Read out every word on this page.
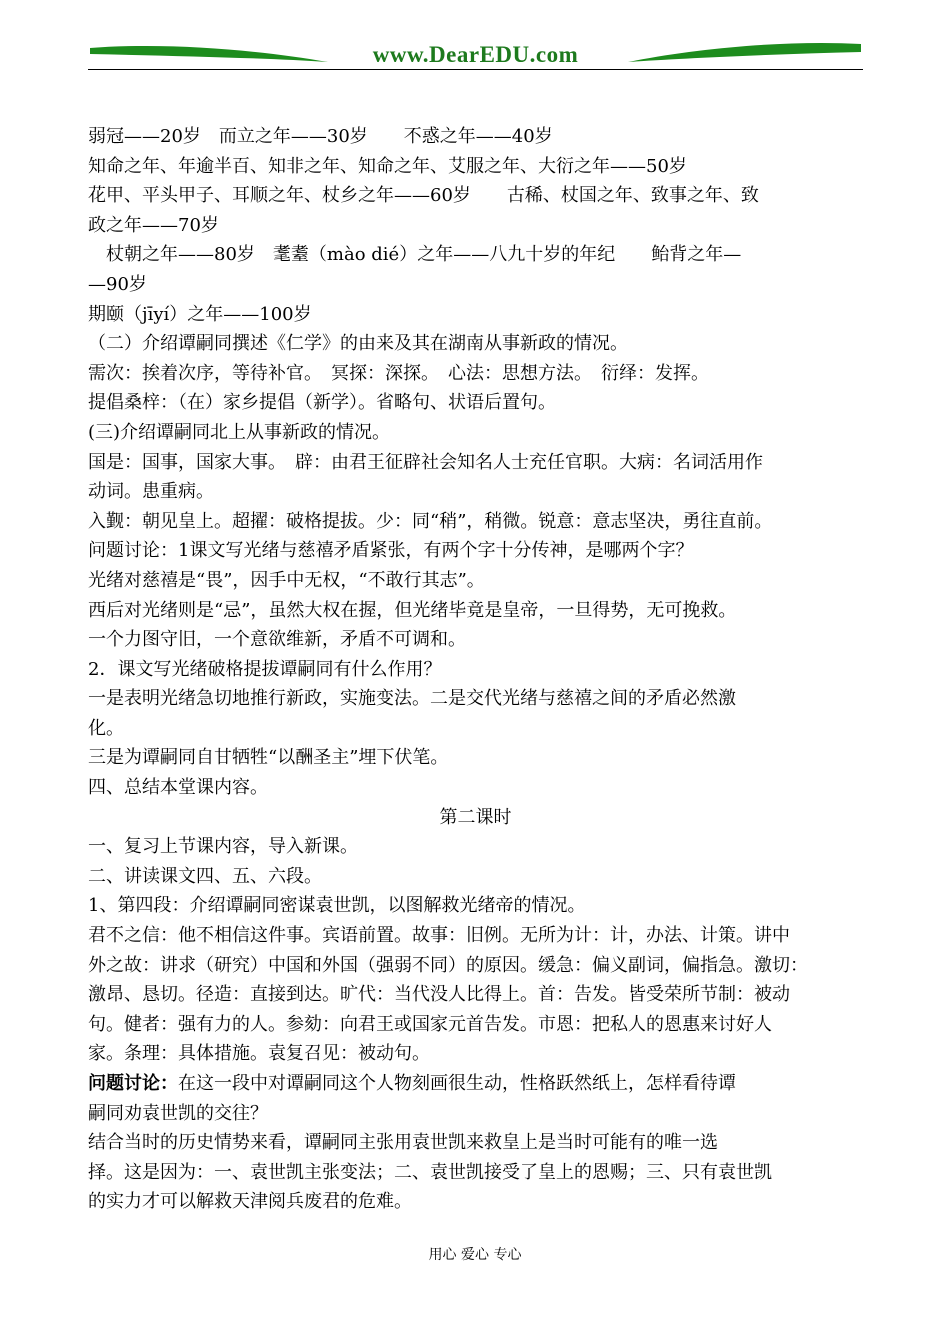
www.DearEDU.com
弱冠——20岁　而立之年——30岁　　不惑之年——40岁
知命之年、年逾半百、知非之年、知命之年、艾服之年、大衍之年——50岁
花甲、平头甲子、耳顺之年、杖乡之年——60岁　　古稀、杖国之年、致事之年、致
政之年——70岁
　杖朝之年——80岁　耄耋（mào dié）之年——八九十岁的年纪　　鲐背之年—
—90岁
期颐（jīyí）之年——100岁
（二）介绍谭嗣同撰述《仁学》的由来及其在湖南从事新政的情况。
需次：挨着次序，等待补官。　冥探：深探。　心法：思想方法。　衍绎：发挥。
提倡桑梓：（在）家乡提倡（新学）。省略句、状语后置句。
(三)介绍谭嗣同北上从事新政的情况。
国是：国事，国家大事。　辟：由君王征辟社会知名人士充任官职。大病：名词活用作
动词。患重病。
入觐：朝见皇上。超擢：破格提拔。少：同“稍”，稍微。锐意：意志坚决，勇往直前。
问题讨论：1课文写光绪与慈禧矛盾紧张，有两个字十分传神，是哪两个字？
光绪对慈禧是“畏”，因手中无权，“不敢行其志”。
西后对光绪则是“忌”，虽然大权在握，但光绪毕竟是皇帝，一旦得势，无可挽救。
一个力图守旧，一个意欲维新，矛盾不可调和。
2．课文写光绪破格提拔谭嗣同有什么作用？
一是表明光绪急切地推行新政，实施变法。二是交代光绪与慈禧之间的矛盾必然激
化。
三是为谭嗣同自甘牺牲“以酬圣主”埋下伏笔。
四、总结本堂课内容。
第二课时
一、复习上节课内容，导入新课。
二、讲读课文四、五、六段。
1、第四段：介绍谭嗣同密谋袁世凯，以图解救光绪帝的情况。
君不之信：他不相信这件事。宾语前置。故事：旧例。无所为计：计，办法、计策。讲中
外之故：讲求（研究）中国和外国（强弱不同）的原因。缓急：偏义副词，偏指急。激切：
激昂、恳切。径造：直接到达。旷代：当代没人比得上。首：告发。皆受荣所节制：被动
句。健者：强有力的人。参劾：向君王或国家元首告发。市恩：把私人的恩惠来讨好人
家。条理：具体措施。袁复召见：被动句。
问题讨论：在这一段中对谭嗣同这个人物刻画很生动，性格跃然纸上，怎样看待谭
嗣同劝袁世凯的交往？
结合当时的历史情势来看，谭嗣同主张用袁世凯来救皇上是当时可能有的唯一选
择。这是因为：一、袁世凯主张变法；二、袁世凯接受了皇上的恩赐；三、只有袁世凯
的实力才可以解救天津阅兵废君的危难。
用心 爱心 专心
